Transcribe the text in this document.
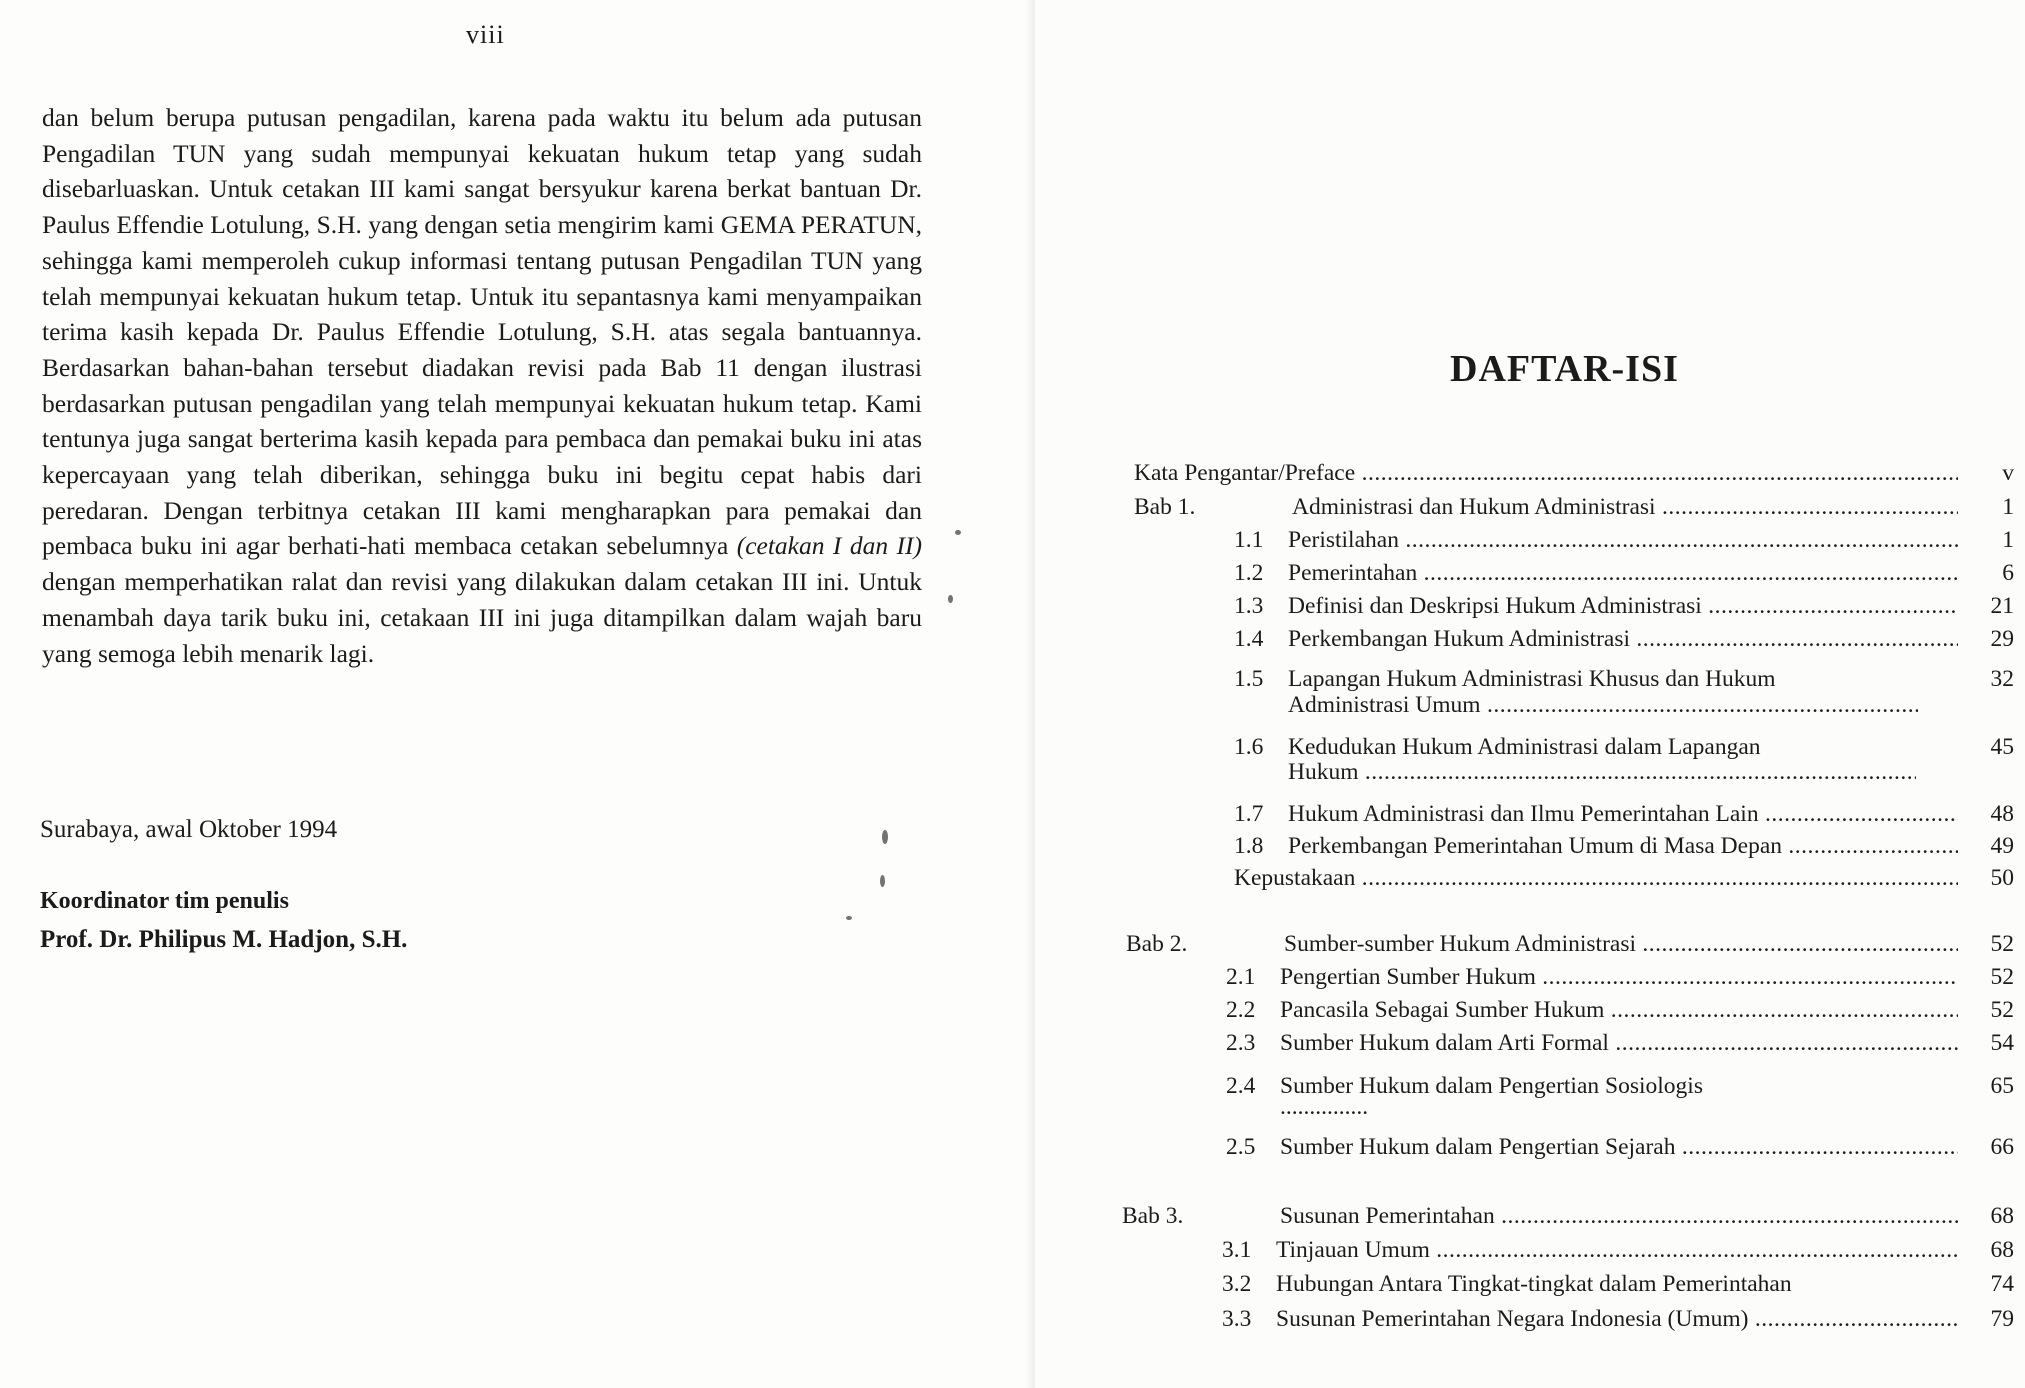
viii

dan belum berupa putusan pengadilan, karena pada waktu itu belum ada putusan Pengadilan TUN yang sudah mempunyai kekuatan hukum tetap yang sudah disebarluaskan. Untuk cetakan III kami sangat bersyukur karena berkat bantuan Dr. Paulus Effendie Lotulung, S.H. yang dengan setia mengirim kami GEMA PERATUN, sehingga kami memperoleh cukup informasi tentang putusan Pengadilan TUN yang telah mempunyai kekuatan hukum tetap. Untuk itu sepantasnya kami menyampaikan terima kasih kepada Dr. Paulus Effendie Lotulung, S.H. atas segala bantuannya. Berdasarkan bahan-bahan tersebut diadakan revisi pada Bab 11 dengan ilustrasi berdasarkan putusan pengadilan yang telah mempunyai kekuatan hukum tetap. Kami tentunya juga sangat berterima kasih kepada para pembaca dan pemakai buku ini atas kepercayaan yang telah diberikan, sehingga buku ini begitu cepat habis dari peredaran. Dengan terbitnya cetakan III kami mengharapkan para pemakai dan pembaca buku ini agar berhati-hati membaca cetakan sebelumnya (cetakan I dan II) dengan memperhatikan ralat dan revisi yang dilakukan dalam cetakan III ini. Untuk menambah daya tarik buku ini, cetakaan III ini juga ditampilkan dalam wajah baru yang semoga lebih menarik lagi.

Surabaya, awal Oktober 1994
Koordinator tim penulis
Prof. Dr. Philipus M. Hadjon, S.H.
DAFTAR-ISI
Kata Pengantar/Preface .....	v
Bab 1.	Administrasi dan Hukum Administrasi .....	1
1.1	Peristilahan .....	1
1.2	Pemerintahan .....	6
1.3	Definisi dan Deskripsi Hukum Administrasi .....	21
1.4	Perkembangan Hukum Administrasi .....	29
1.5	Lapangan Hukum Administrasi Khusus dan Hukum	32
Administrasi Umum .....
1.6	Kedudukan Hukum Administrasi dalam Lapangan	45
Hukum .....
1.7	Hukum Administrasi dan Ilmu Pemerintahan Lain .....	48
1.8	Perkembangan Pemerintahan Umum di Masa Depan .....	49
Kepustakaan .....	50
Bab 2.	Sumber-sumber Hukum Administrasi .....	52
2.1	Pengertian Sumber Hukum .....	52
2.2	Pancasila Sebagai Sumber Hukum .....	52
2.3	Sumber Hukum dalam Arti Formal .....	54
2.4	Sumber Hukum dalam Pengertian Sosiologis	65
...............
2.5	Sumber Hukum dalam Pengertian Sejarah .....	66
Bab 3.	Susunan Pemerintahan .....	68
3.1	Tinjauan Umum .....	68
3.2	Hubungan Antara Tingkat-tingkat dalam Pemerintahan	74
3.3	Susunan Pemerintahan Negara Indonesia (Umum) .....	79
